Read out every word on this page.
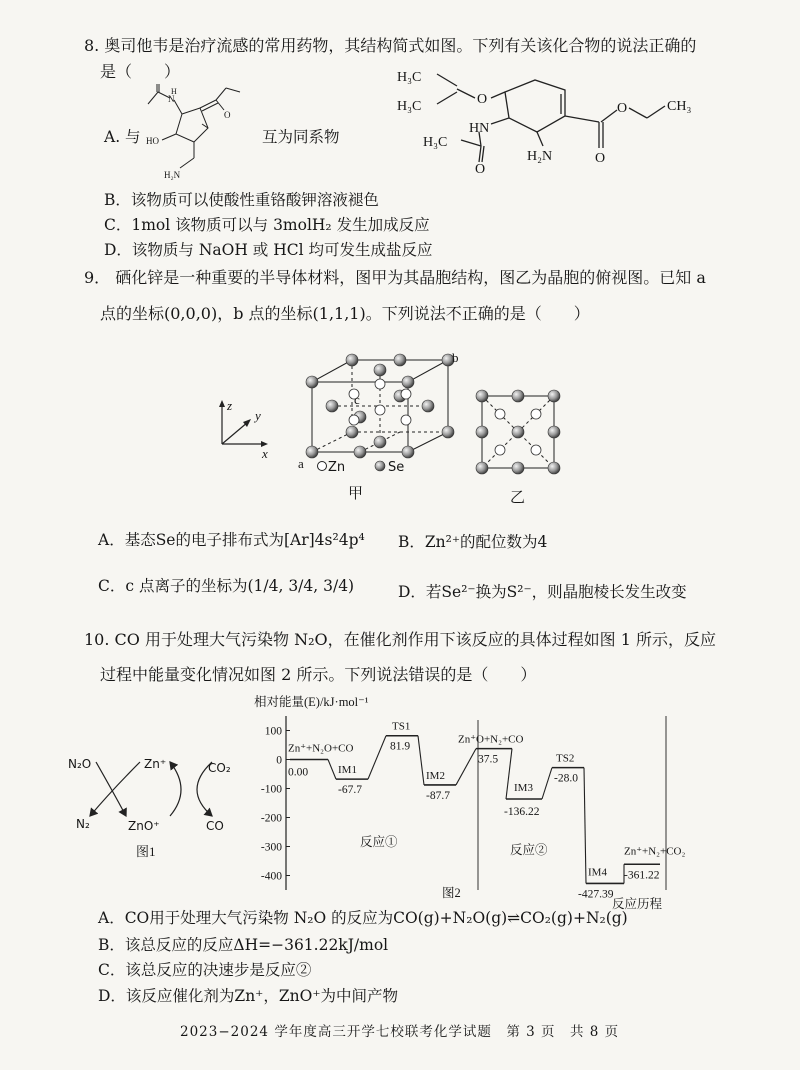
8. 奥司他韦是治疗流感的常用药物，其结构简式如图。下列有关该化合物的说法正确的
是（　　）
A. 与
N
H
O
HO
H₂N
互为同系物
H₃C
H₃C	O
O
O	CH₃
HN
H₃C
O
H₂N
B．该物质可以使酸性重铬酸钾溶液褪色
C．1mol 该物质可以与 3molH₂ 发生加成反应
D．该物质与 NaOH 或 HCl 均可发生成盐反应
9． 硒化锌是一种重要的半导体材料，图甲为其晶胞结构，图乙为晶胞的俯视图。已知 a
点的坐标(0,0,0)，b 点的坐标(1,1,1)。下列说法不正确的是（　　）
z
y
x
a
b
c
Zn	Se
甲	乙
A．基态Se的电子排布式为[Ar]4s²4p⁴ B．Zn²⁺的配位数为4
C．c 点离子的坐标为(1/4, 3/4, 3/4)	D．若Se²⁻换为S²⁻，则晶胞棱长发生改变
10. CO 用于处理大气污染物 N₂O，在催化剂作用下该反应的具体过程如图 1 所示，反应
过程中能量变化情况如图 2 所示。下列说法错误的是（　　）
N₂O	Zn⁺	CO₂
N₂	ZnO⁺	CO
图1
相对能量(E)/kJ·mol⁻¹
图2
反应历程
反应①
反应②
100
0
-100
-200
-300
-400
0.00
Zn⁺+N₂O+CO
-67.7
IM1
81.9
TS1
-87.7
IM2
37.5
Zn⁺O+N₂+CO
-136.22
IM3
-28.0
TS2
-427.39
IM4 -361.22
Zn⁺+N₂+CO₂
A．CO用于处理大气污染物 N₂O 的反应为CO(g)+N₂O(g)⇌CO₂(g)+N₂(g)
B．该总反应的反应ΔH=−361.22kJ/mol
C．该总反应的决速步是反应②
D．该反应催化剂为Zn⁺，ZnO⁺为中间产物
2023−2024 学年度高三开学七校联考化学试题　第 3 页　共 8 页
